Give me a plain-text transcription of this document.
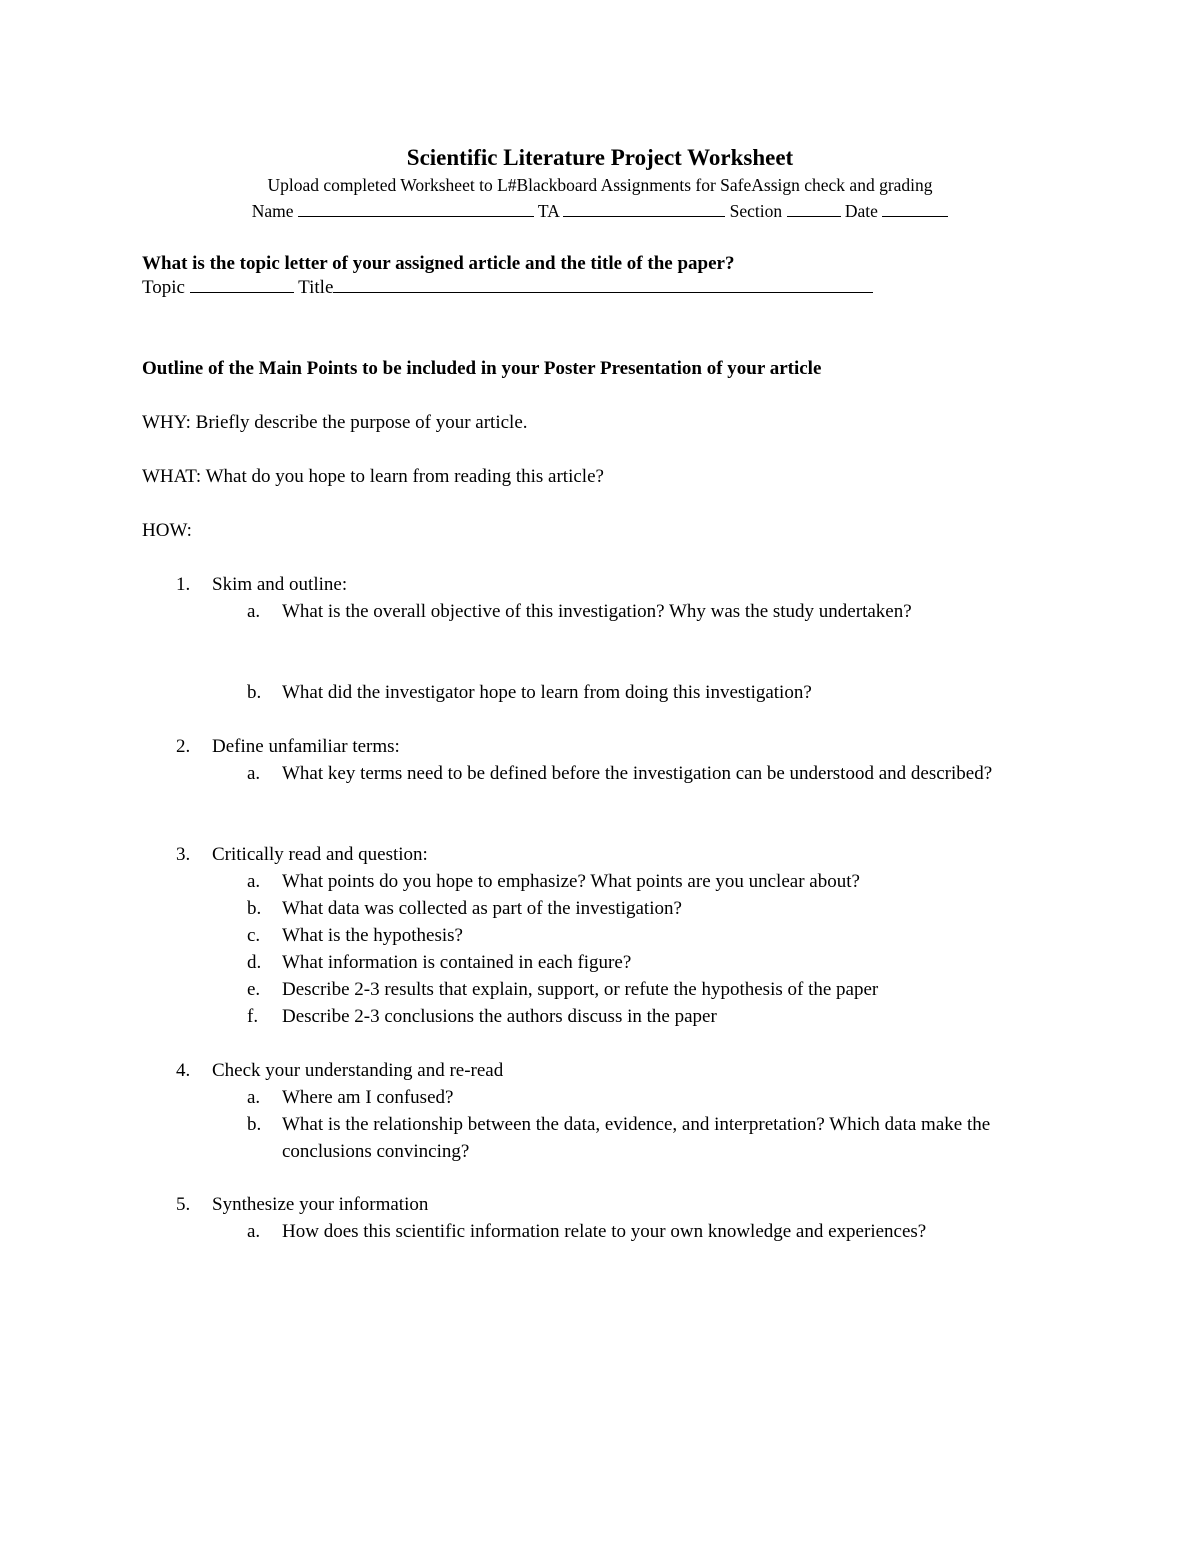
Scientific Literature Project Worksheet
Upload completed Worksheet to L#Blackboard Assignments for SafeAssign check and grading
Name	TA	Section	Date
What is the topic letter of your assigned article and the title of the paper?
Topic	Title
Outline of the Main Points to be included in your Poster Presentation of your article
WHY: Briefly describe the purpose of your article.
WHAT: What do you hope to learn from reading this article?
HOW:
1. Skim and outline:
a.	What is the overall objective of this investigation? Why was the study undertaken?
b.	What did the investigator hope to learn from doing this investigation?
2. Define unfamiliar terms:
a.	What key terms need to be defined before the investigation can be understood and described?
3. Critically read and question:
a.	What points do you hope to emphasize? What points are you unclear about?
b.	What data was collected as part of the investigation?
c.	What is the hypothesis?
d.	What information is contained in each figure?
e.	Describe 2-3 results that explain, support, or refute the hypothesis of the paper
f.	Describe 2-3 conclusions the authors discuss in the paper
4. Check your understanding and re-read
a.	Where am I confused?
b.	What is the relationship between the data, evidence, and interpretation? Which data make the conclusions convincing?
5. Synthesize your information
a.	How does this scientific information relate to your own knowledge and experiences?
